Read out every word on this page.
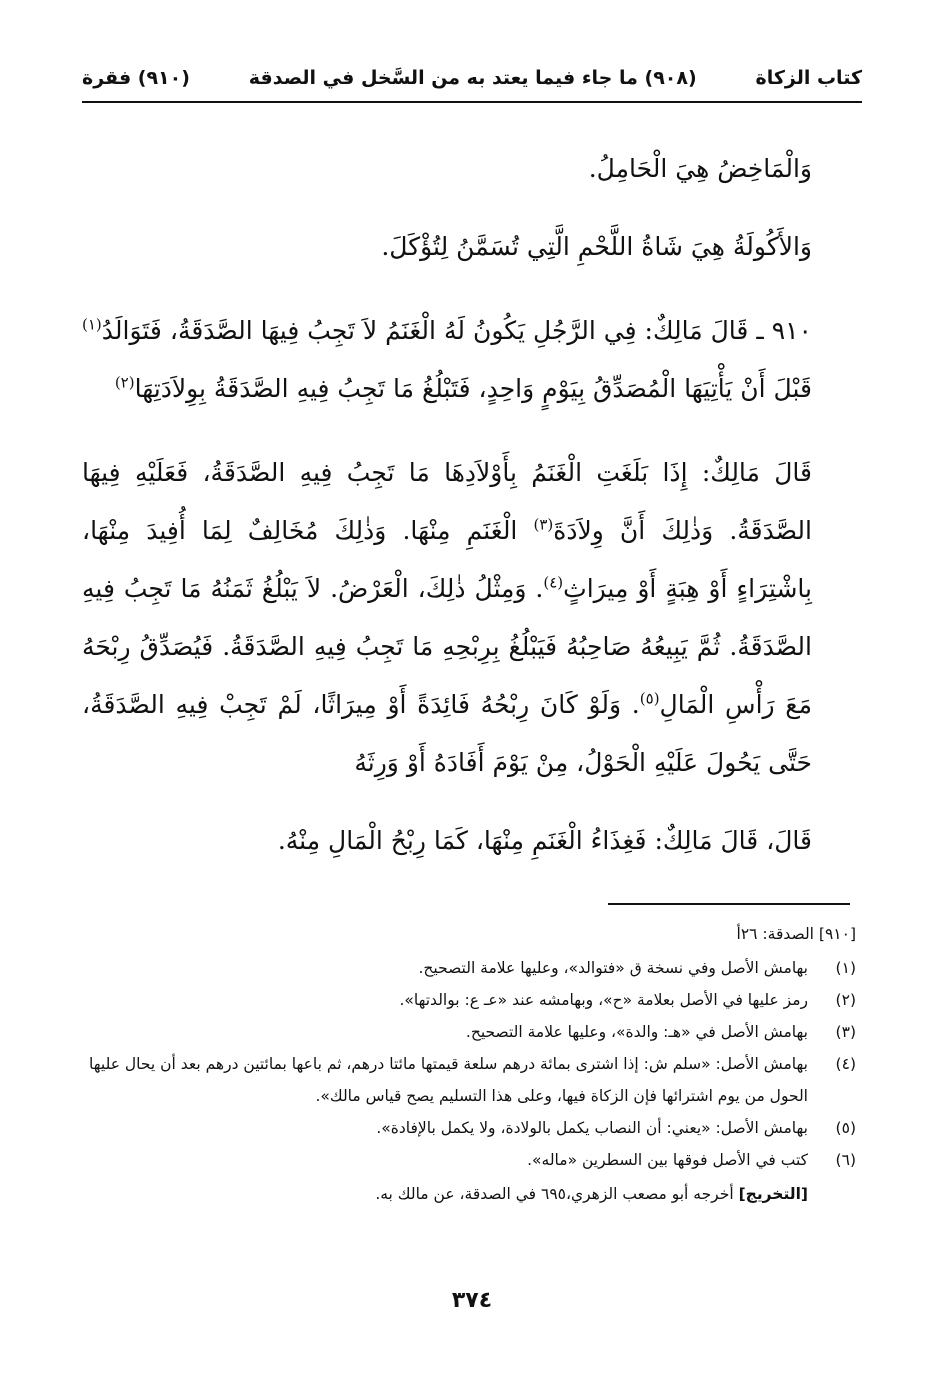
كتاب الزكاة
(٩٠٨) ما جاء فيما يعتد به من السَّخل في الصدقة
(٩١٠) فقرة

وَالْمَاخِضُ هِيَ الْحَامِلُ.

وَالأَكُولَةُ هِيَ شَاةُ اللَّحْمِ الَّتِي تُسَمَّنُ لِتُؤْكَلَ.

٩١٠ ـ قَالَ مَالِكٌ: فِي الرَّجُلِ يَكُونُ لَهُ الْغَنَمُ لاَ تَجِبُ فِيهَا الصَّدَقَةُ، فَتَوَالَدُ$^{(١)}$ قَبْلَ أَنْ يَأْتِيَهَا الْمُصَدِّقُ بِيَوْمٍ وَاحِدٍ، فَتَبْلُغُ مَا تَجِبُ فِيهِ الصَّدَقَةُ بِوِلاَدَتِهَا$^{(٢)}$

قَالَ مَالِكٌ: إِذَا بَلَغَتِ الْغَنَمُ بِأَوْلاَدِهَا مَا تَجِبُ فِيهِ الصَّدَقَةُ، فَعَلَيْهِ فِيهَا الصَّدَقَةُ. وَذٰلِكَ أَنَّ وِلاَدَةَ$^{(٣)}$ الْغَنَمِ مِنْهَا. وَذٰلِكَ مُخَالِفٌ لِمَا أُفِيدَ مِنْهَا، بِاشْتِرَاءٍ أَوْ هِبَةٍ أَوْ مِيرَاثٍ$^{(٤)}$. وَمِثْلُ ذٰلِكَ، الْعَرْضُ. لاَ يَبْلُغُ ثَمَنُهُ مَا تَجِبُ فِيهِ الصَّدَقَةُ. ثُمَّ يَبِيعُهُ صَاحِبُهُ فَيَبْلُغُ بِرِبْحِهِ مَا تَجِبُ فِيهِ الصَّدَقَةُ. فَيُصَدِّقُ رِبْحَهُ مَعَ رَأْسِ الْمَالِ$^{(٥)}$. وَلَوْ كَانَ رِبْحُهُ فَائِدَةً أَوْ مِيرَاثًا، لَمْ تَجِبْ فِيهِ الصَّدَقَةُ، حَتَّى يَحُولَ عَلَيْهِ الْحَوْلُ، مِنْ يَوْمَ أَفَادَهُ أَوْ وَرِثَهُ

قَالَ، قَالَ مَالِكٌ: فَغِذَاءُ الْغَنَمِ مِنْهَا، كَمَا رِبْحُ الْمَالِ مِنْهُ.

[٩١٠] الصدقة: ٢٦أ

(١)
بهامش الأصل وفي نسخة ق «فتوالد»، وعليها علامة التصحيح.
(٢)
رمز عليها في الأصل بعلامة «ح»، وبهامشه عند «عـ ع: بوالدتها».
(٣)
بهامش الأصل في «هـ: والدة»، وعليها علامة التصحيح.
(٤)
بهامش الأصل: «سلم ش: إذا اشترى بمائة درهم سلعة قيمتها مائتا درهم، ثم باعها بمائتين درهم بعد أن يحال عليها الحول من يوم اشترائها فإن الزكاة فيها، وعلى هذا التسليم يصح قياس مالك».
(٥)
بهامش الأصل: «يعني: أن النصاب يكمل بالولادة، ولا يكمل بالإفادة».
(٦)
كتب في الأصل فوقها بين السطرين «ماله».

[التخريج] أخرجه أبو مصعب الزهري،٦٩٥ في الصدقة، عن مالك به.

٣٧٤
